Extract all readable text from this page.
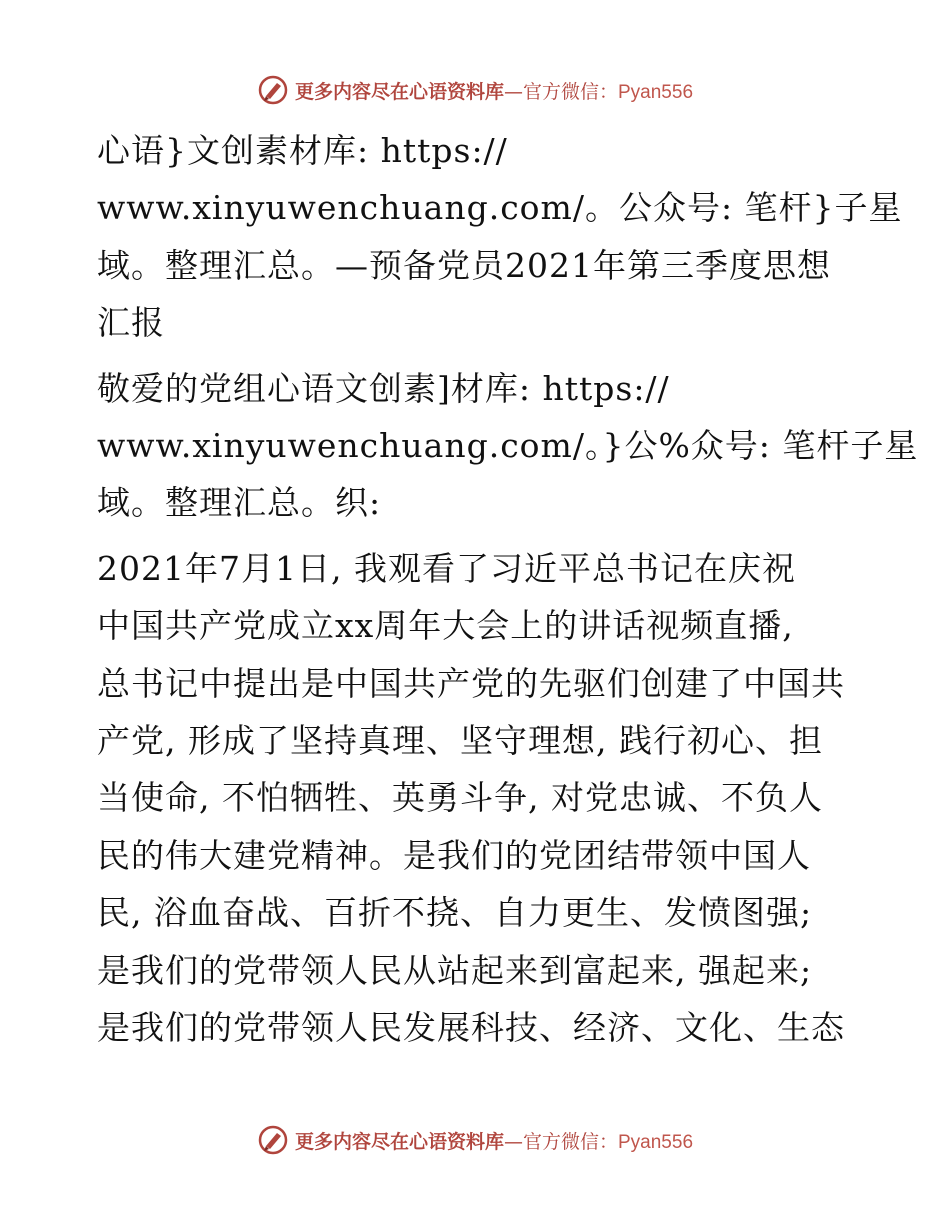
更多内容尽在心语资料库—官方微信：Pyan556

心语}文创素材库: https://
www.xinyuwenchuang.com/。公众号: 笔杆}子星
域。整理汇总。—预备党员2021年第三季度思想
汇报

敬爱的党组心语文创素]材库: https://
www.xinyuwenchuang.com/。}公%众号: 笔杆子星
域。整理汇总。织:

2021年7月1日, 我观看了习近平总书记在庆祝
中国共产党成立xx周年大会上的讲话视频直播,
总书记中提出是中国共产党的先驱们创建了中国共
产党, 形成了坚持真理、坚守理想, 践行初心、担
当使命, 不怕牺牲、英勇斗争, 对党忠诚、不负人
民的伟大建党精神。是我们的党团结带领中国人
民, 浴血奋战、百折不挠、自力更生、发愤图强;
是我们的党带领人民从站起来到富起来, 强起来;
是我们的党带领人民发展科技、经济、文化、生态

更多内容尽在心语资料库—官方微信：Pyan556
